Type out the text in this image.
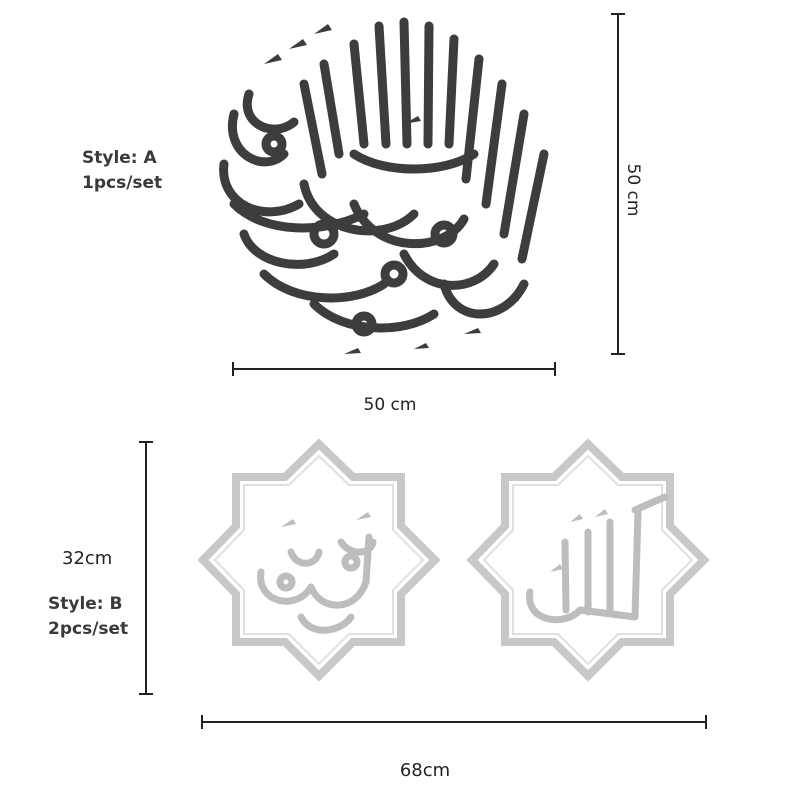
Style: A
1pcs/set	50 cm
50 cm
32cm
Style: B
2pcs/set
68cm
